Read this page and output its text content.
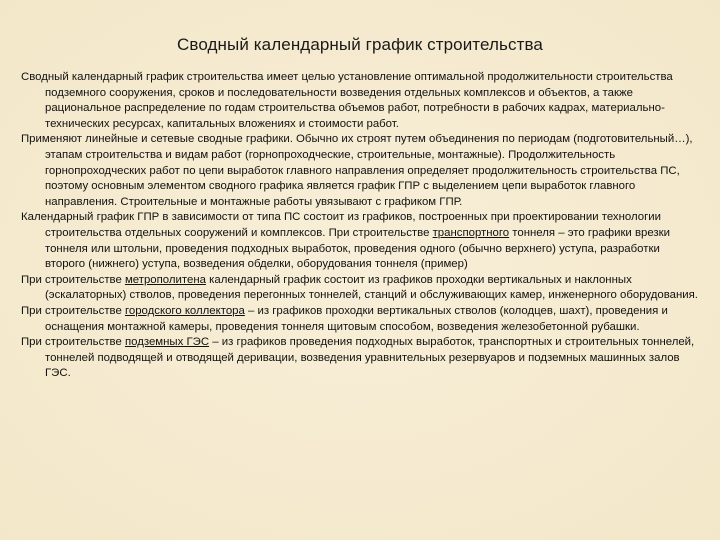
Сводный календарный график строительства

Сводный календарный график строительства имеет целью установление оптимальной продолжительности строительства подземного сооружения, сроков и последовательности возведения отдельных комплексов и объектов, а также рациональное распределение по годам строительства объемов работ, потребности в рабочих кадрах, материально-технических ресурсах, капитальных вложениях и стоимости работ.

Применяют линейные и сетевые сводные графики. Обычно их строят путем объединения по периодам (подготовительный…), этапам строительства и видам работ (горнопроходческие, строительные, монтажные). Продолжительность горнопроходческих работ по цепи выработок главного направления определяет продолжительность строительства ПС, поэтому основным элементом сводного графика является график ГПР с выделением цепи выработок главного направления. Строительные и монтажные работы увязывают с графиком ГПР.

Календарный график ГПР в зависимости от типа ПС состоит из графиков, построенных при проектировании технологии строительства отдельных сооружений и комплексов. При строительстве транспортного тоннеля – это графики врезки тоннеля или штольни, проведения подходных выработок, проведения одного (обычно верхнего) уступа, разработки второго (нижнего) уступа, возведения обделки, оборудования тоннеля (пример)

При строительстве метрополитена календарный график состоит из графиков проходки вертикальных и наклонных (эскалаторных) стволов, проведения перегонных тоннелей, станций и обслуживающих камер, инженерного оборудования.

При строительстве городского коллектора – из графиков проходки вертикальных стволов (колодцев, шахт), проведения и оснащения монтажной камеры, проведения тоннеля щитовым способом, возведения железобетонной рубашки.

При строительстве подземных ГЭС – из графиков проведения подходных выработок, транспортных и строительных тоннелей, тоннелей подводящей и отводящей деривации, возведения уравнительных резервуаров и подземных машинных залов ГЭС.
